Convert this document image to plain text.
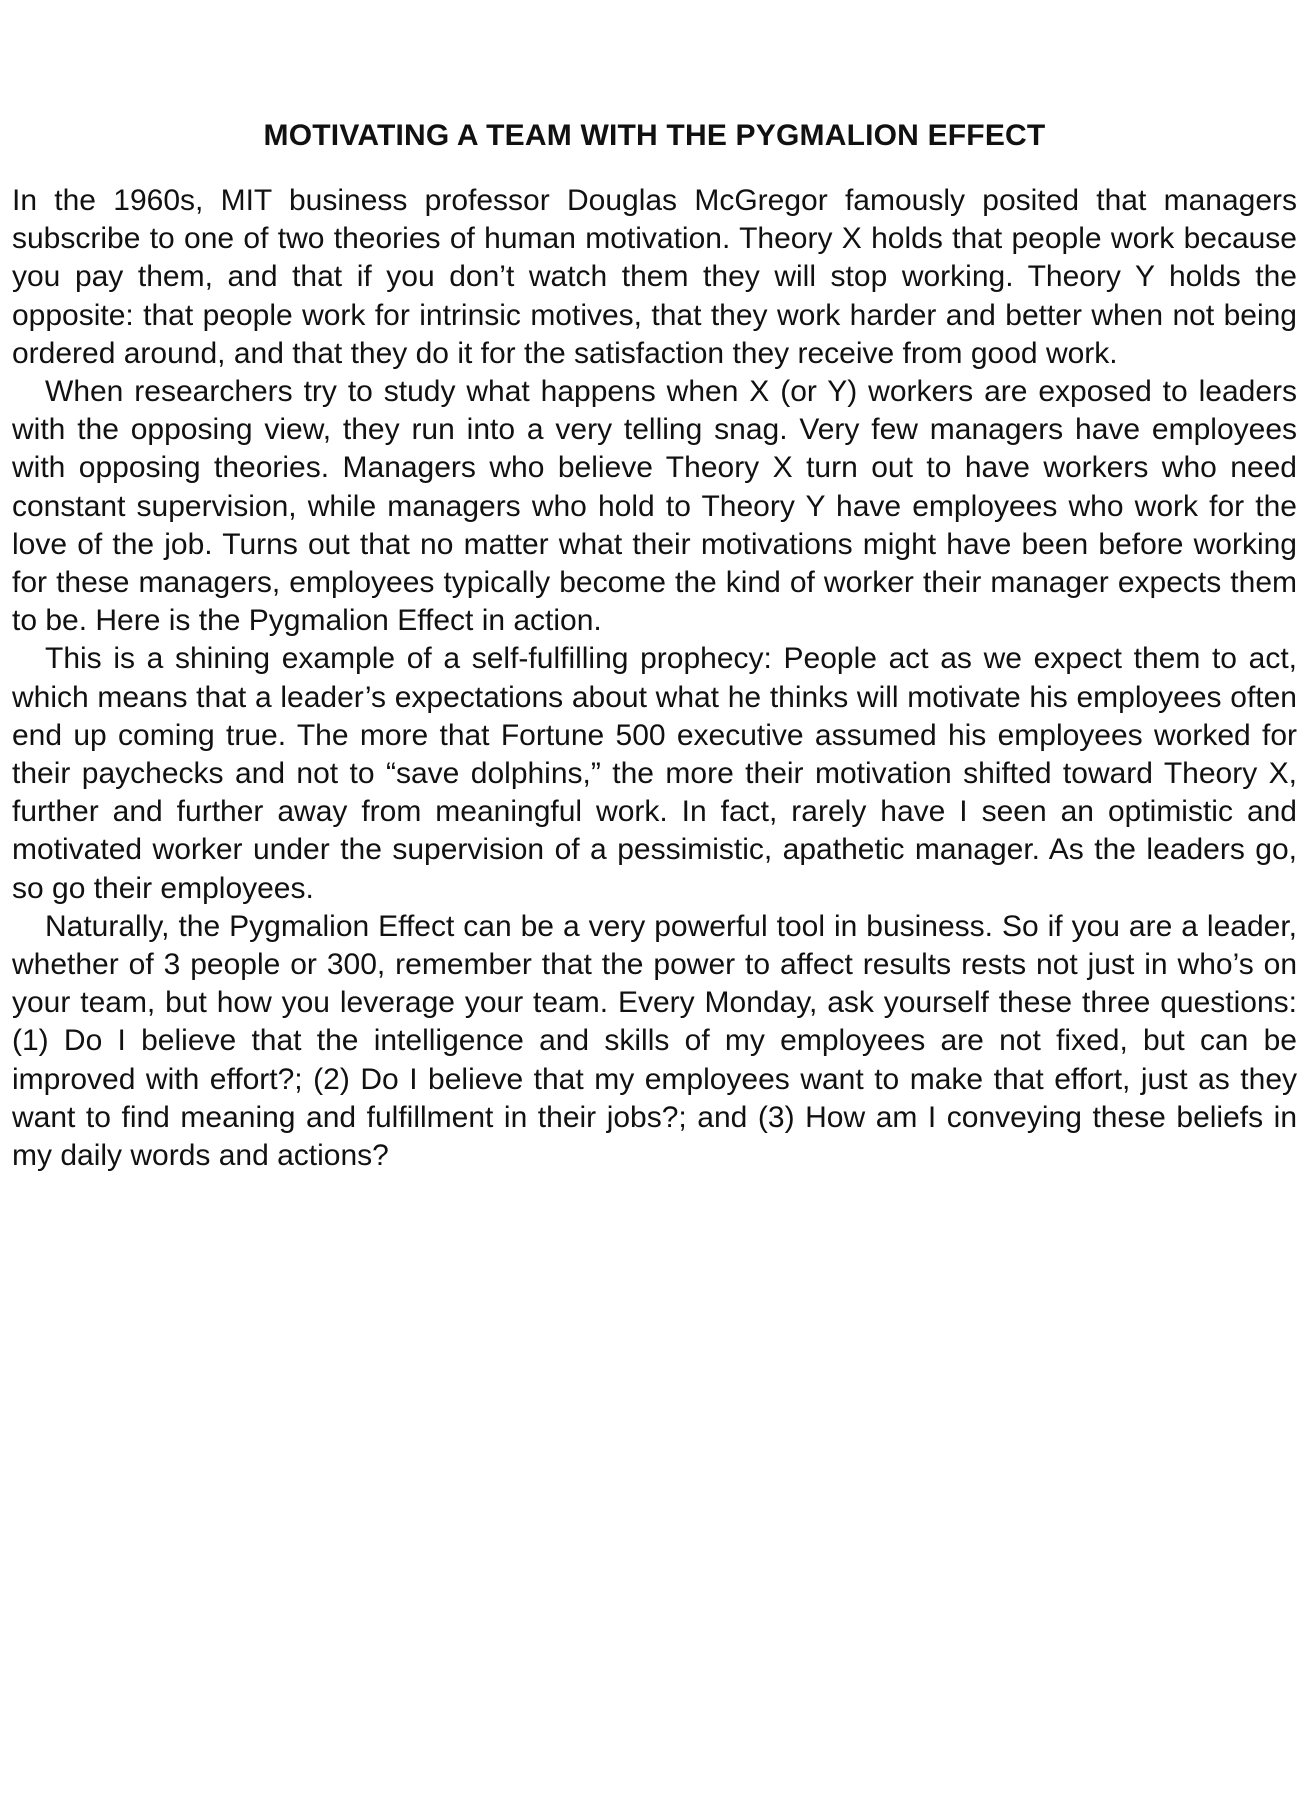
MOTIVATING A TEAM WITH THE PYGMALION EFFECT

In the 1960s, MIT business professor Douglas McGregor famously posited that managers subscribe to one of two theories of human motivation. Theory X holds that people work because you pay them, and that if you don’t watch them they will stop working. Theory Y holds the opposite: that people work for intrinsic motives, that they work harder and better when not being ordered around, and that they do it for the satisfaction they receive from good work.

When researchers try to study what happens when X (or Y) workers are exposed to leaders with the opposing view, they run into a very telling snag. Very few managers have employees with opposing theories. Managers who believe Theory X turn out to have workers who need constant supervision, while managers who hold to Theory Y have employees who work for the love of the job. Turns out that no matter what their motivations might have been before working for these managers, employees typically become the kind of worker their manager expects them to be. Here is the Pygmalion Effect in action.

This is a shining example of a self-fulfilling prophecy: People act as we expect them to act, which means that a leader’s expectations about what he thinks will motivate his employees often end up coming true. The more that Fortune 500 executive assumed his employees worked for their paychecks and not to “save dolphins,” the more their motivation shifted toward Theory X, further and further away from meaningful work. In fact, rarely have I seen an optimistic and motivated worker under the supervision of a pessimistic, apathetic manager. As the leaders go, so go their employees.

Naturally, the Pygmalion Effect can be a very powerful tool in business. So if you are a leader, whether of 3 people or 300, remember that the power to affect results rests not just in who’s on your team, but how you leverage your team. Every Monday, ask yourself these three questions: (1) Do I believe that the intelligence and skills of my employees are not fixed, but can be improved with effort?; (2) Do I believe that my employees want to make that effort, just as they want to find meaning and fulfillment in their jobs?; and (3) How am I conveying these beliefs in my daily words and actions?
